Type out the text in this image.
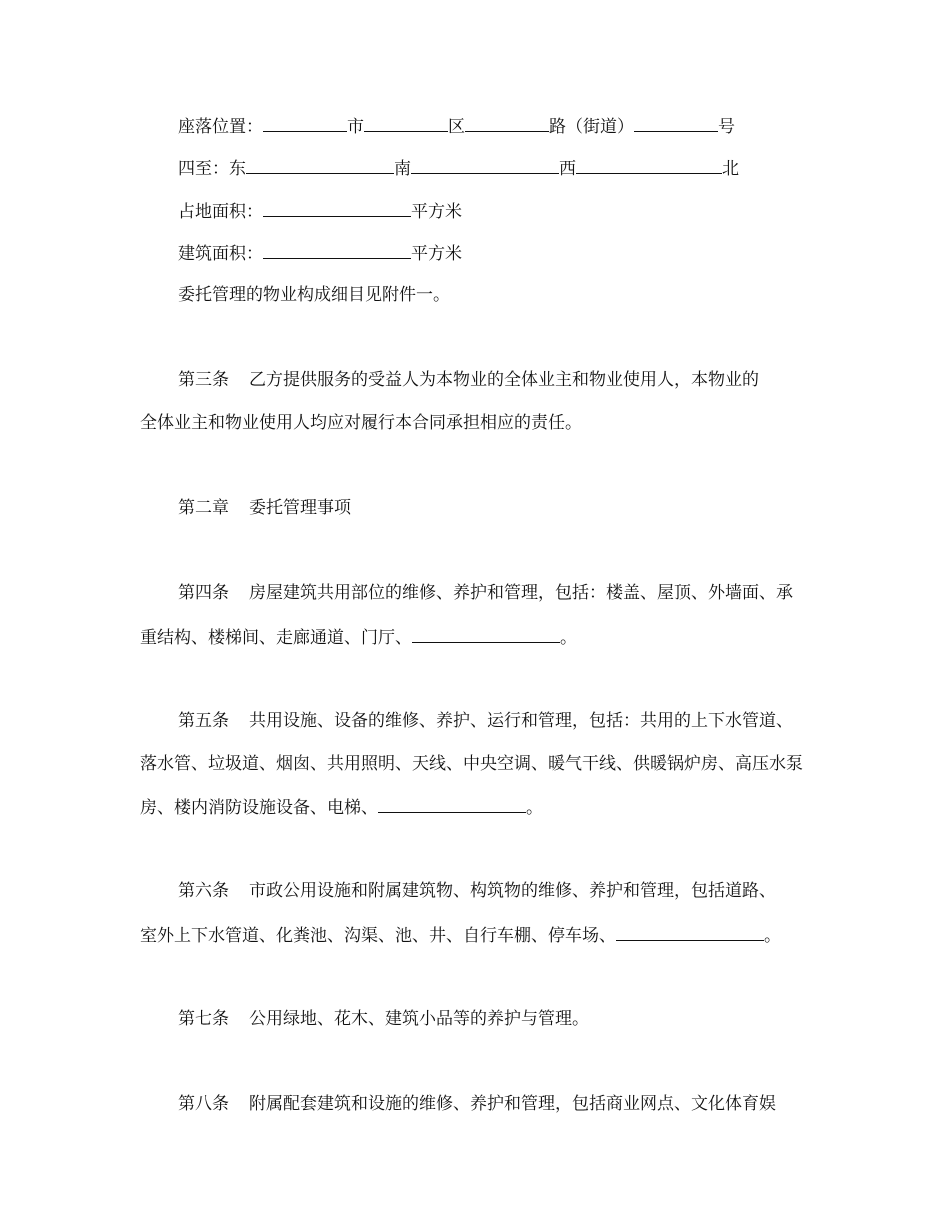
座落位置：	市	区	路（街道）	号
四至：东	南	西	北
占地面积：	平方米
建筑面积：	平方米
委托管理的物业构成细目见附件一。
第三条 乙方提供服务的受益人为本物业的全体业主和物业使用人，本物业的
全体业主和物业使用人均应对履行本合同承担相应的责任。
第二章 委托管理事项
第四条 房屋建筑共用部位的维修、养护和管理，包括：楼盖、屋顶、外墙面、承
重结构、楼梯间、走廊通道、门厅、	。
第五条 共用设施、设备的维修、养护、运行和管理，包括：共用的上下水管道、
落水管、垃圾道、烟囱、共用照明、天线、中央空调、暖气干线、供暖锅炉房、高压水泵
房、楼内消防设施设备、电梯、	。
第六条 市政公用设施和附属建筑物、构筑物的维修、养护和管理，包括道路、
室外上下水管道、化粪池、沟渠、池、井、自行车棚、停车场、	。
第七条 公用绿地、花木、建筑小品等的养护与管理。
第八条 附属配套建筑和设施的维修、养护和管理，包括商业网点、文化体育娱
